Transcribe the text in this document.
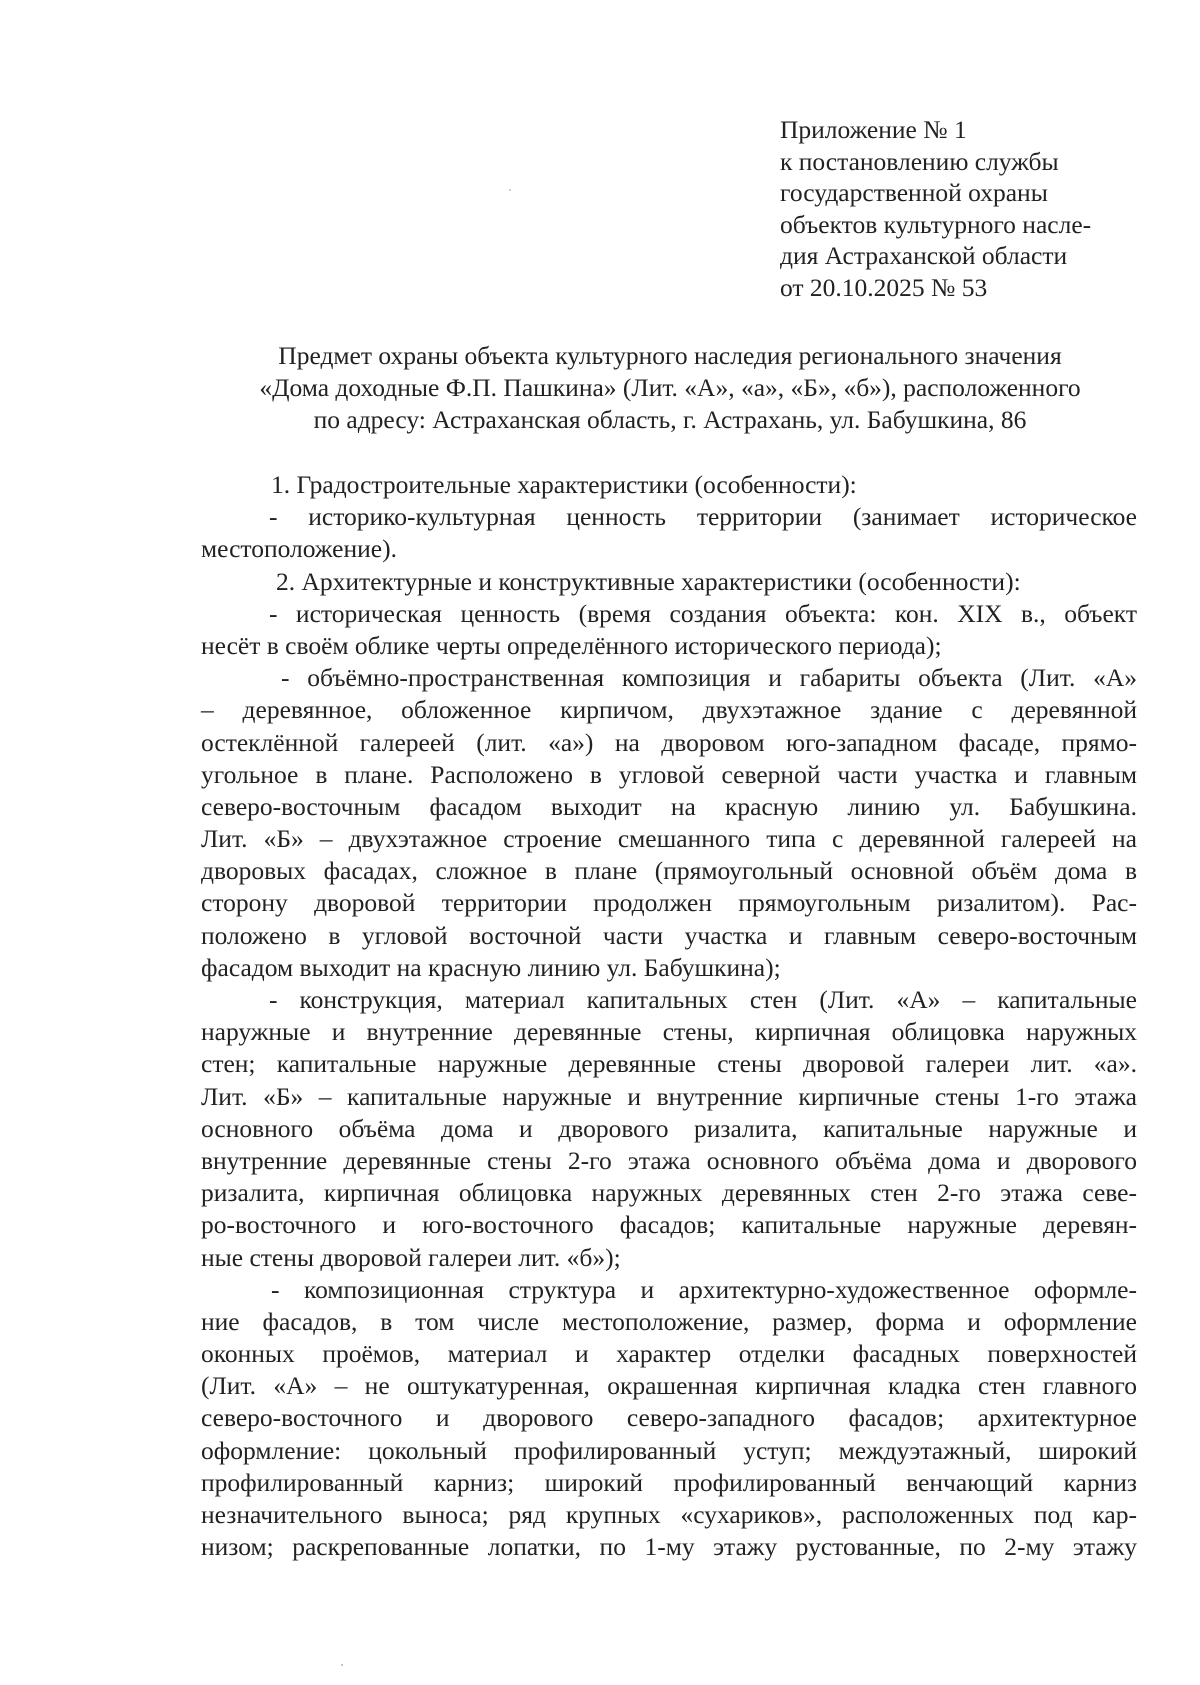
Приложение № 1
к постановлению службы
государственной охраны
объектов культурного насле-
дия Астраханской области
от 20.10.2025 № 53
Предмет охраны объекта культурного наследия регионального значения
«Дома доходные Ф.П. Пашкина» (Лит. «А», «а», «Б», «б»), расположенного
по адресу: Астраханская область, г. Астрахань, ул. Бабушкина, 86
1. Градостроительные характеристики (особенности):
- историко-культурная ценность территории (занимает историческое
местоположение).
2. Архитектурные и конструктивные характеристики (особенности):
- историческая ценность (время создания объекта: кон. XIX в., объект
несёт в своём облике черты определённого исторического периода);
- объёмно-пространственная композиция и габариты объекта (Лит. «А»
– деревянное, обложенное кирпичом, двухэтажное здание с деревянной
остеклённой галереей (лит. «а») на дворовом юго-западном фасаде, прямо-
угольное в плане. Расположено в угловой северной части участка и главным
северо-восточным фасадом выходит на красную линию ул. Бабушкина.
Лит. «Б» – двухэтажное строение смешанного типа с деревянной галереей на
дворовых фасадах, сложное в плане (прямоугольный основной объём дома в
сторону дворовой территории продолжен прямоугольным ризалитом). Рас-
положено в угловой восточной части участка и главным северо-восточным
фасадом выходит на красную линию ул. Бабушкина);
- конструкция, материал капитальных стен (Лит. «А» – капитальные
наружные и внутренние деревянные стены, кирпичная облицовка наружных
стен; капитальные наружные деревянные стены дворовой галереи лит. «а».
Лит. «Б» – капитальные наружные и внутренние кирпичные стены 1-го этажа
основного объёма дома и дворового ризалита, капитальные наружные и
внутренние деревянные стены 2-го этажа основного объёма дома и дворового
ризалита, кирпичная облицовка наружных деревянных стен 2-го этажа севе-
ро-восточного и юго-восточного фасадов; капитальные наружные деревян-
ные стены дворовой галереи лит. «б»);
- композиционная структура и архитектурно-художественное оформле-
ние фасадов, в том числе местоположение, размер, форма и оформление
оконных проёмов, материал и характер отделки фасадных поверхностей
(Лит. «А» – не оштукатуренная, окрашенная кирпичная кладка стен главного
северо-восточного и дворового северо-западного фасадов; архитектурное
оформление: цокольный профилированный уступ; междуэтажный, широкий
профилированный карниз; широкий профилированный венчающий карниз
незначительного выноса; ряд крупных «сухариков», расположенных под кар-
низом; раскрепованные лопатки, по 1-му этажу рустованные, по 2-му этажу
